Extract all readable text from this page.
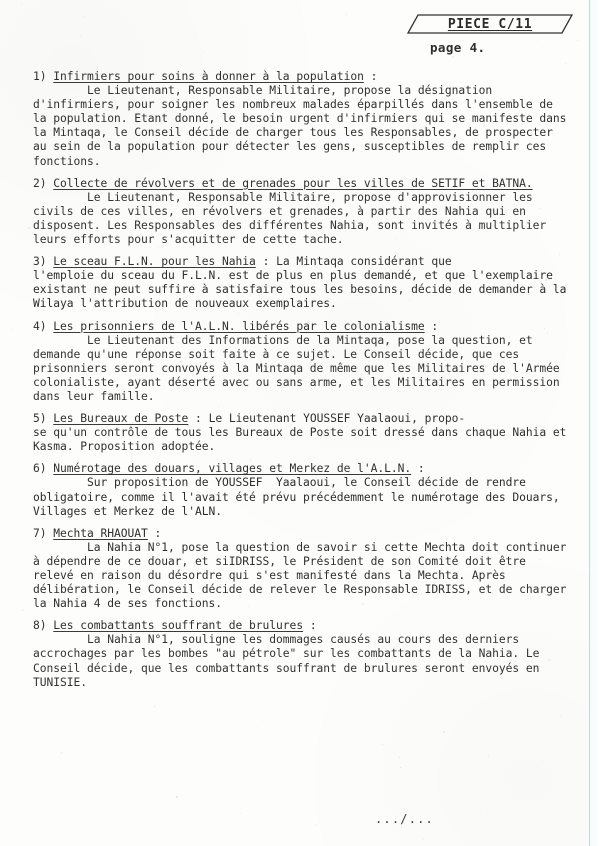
PIECE C/11
page 4.
1) Infirmiers pour soins à donner à la population :
Le Lieutenant, Responsable Militaire, propose la désignation d'infirmiers, pour soigner les nombreux malades éparpillés dans l'ensemble de la population. Etant donné, le besoin urgent d'infirmiers qui se manifeste dans la Mintaqa, le Conseil décide de charger tous les Responsables, de prospecter au sein de la population pour détecter les gens, susceptibles de remplir ces fonctions.
2) Collecte de révolvers et de grenades pour les villes de SETIF et BATNA.
Le Lieutenant, Responsable Militaire, propose d'approvisionner les civils de ces villes, en révolvers et grenades, à partir des Nahia qui en disposent. Les Responsables des différentes Nahia, sont invités à multiplier leurs efforts pour s'acquitter de cette tache.
3) Le sceau F.L.N. pour les Nahia : La Mintaqa considérant que
l'emploie du sceau du F.L.N. est de plus en plus demandé, et que l'exemplaire existant ne peut suffire à satisfaire tous les besoins, décide de demander à la Wilaya l'attribution de nouveaux exemplaires.
4) Les prisonniers de l'A.L.N. libérés par le colonialisme :
Le Lieutenant des Informations de la Mintaqa, pose la question, et demande qu'une réponse soit faite à ce sujet. Le Conseil décide, que ces prisonniers seront convoyés à la Mintaqa de même que les Militaires de l'Armée colonialiste, ayant déserté avec ou sans arme, et les Militaires en permission dans leur famille.
5) Les Bureaux de Poste : Le Lieutenant YOUSSEF Yaalaoui, propo-
se qu'un contrôle de tous les Bureaux de Poste soit dressé dans chaque Nahia et Kasma. Proposition adoptée.
6) Numérotage des douars, villages et Merkez de l'A.L.N. :
Sur proposition de YOUSSEF  Yaalaoui, le Conseil décide de rendre obligatoire, comme il l'avait été prévu précédemment le numérotage des Douars, Villages et Merkez de l'ALN.
7) Mechta RHAOUAT :
La Nahia N°1, pose la question de savoir si cette Mechta doit continuer à dépendre de ce douar, et siIDRISS, le Président de son Comité doit être relevé en raison du désordre qui s'est manifesté dans la Mechta. Après délibération, le Conseil décide de relever le Responsable IDRISS, et de charger la Nahia 4 de ses fonctions.
8) Les combattants souffrant de brulures :
La Nahia N°1, souligne les dommages causés au cours des derniers accrochages par les bombes "au pétrole" sur les combattants de la Nahia. Le Conseil décide, que les combattants souffrant de brulures seront envoyés en TUNISIE.
.../...
